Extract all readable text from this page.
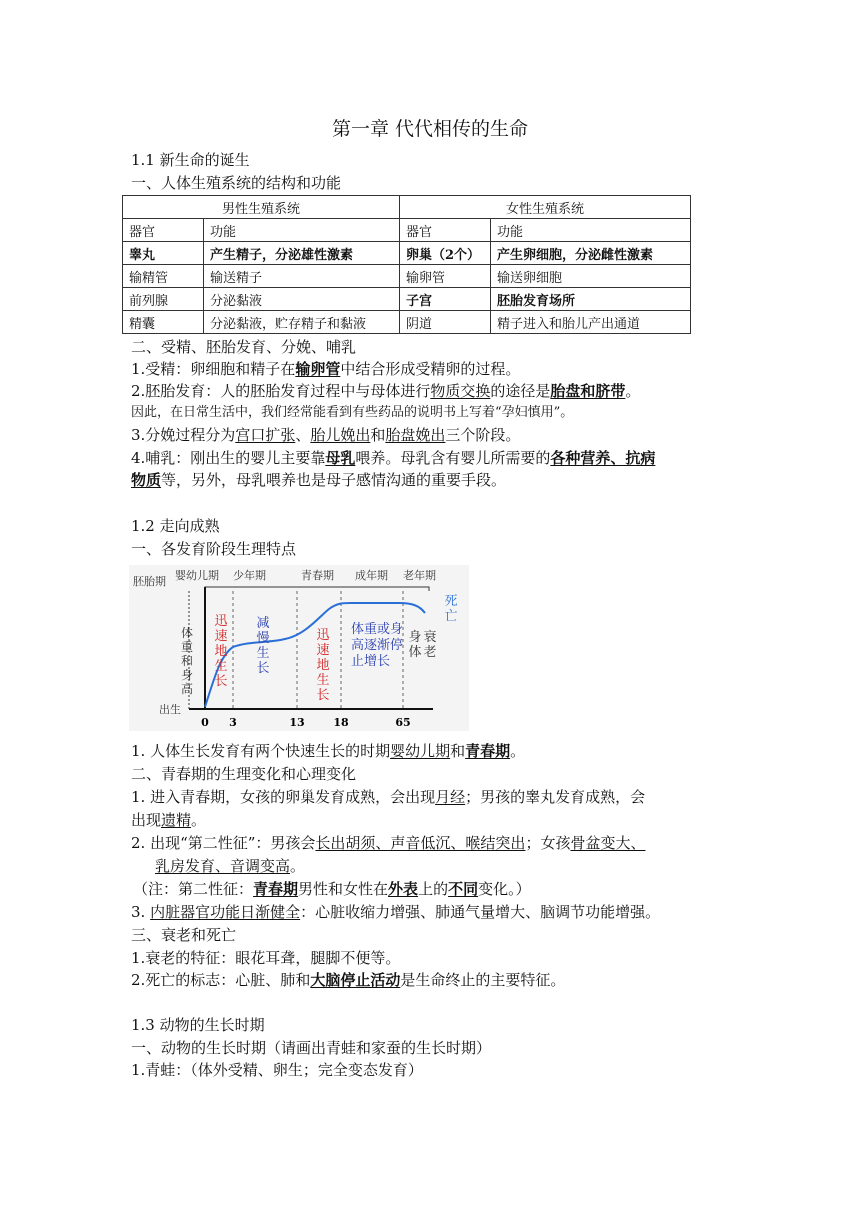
第一章 代代相传的生命
1.1 新生命的诞生
一、人体生殖系统的结构和功能
男性生殖系统		女性生殖系统	
器官	功能	器官	功能
睾丸	产生精子，分泌雄性激素	卵巢（2个）	产生卵细胞，分泌雌性激素
输精管	输送精子	输卵管	输送卵细胞
前列腺	分泌黏液	子宫	胚胎发育场所
精囊	分泌黏液，贮存精子和黏液	阴道	精子进入和胎儿产出通道
二、受精、胚胎发育、分娩、哺乳
1.受精：卵细胞和精子在输卵管中结合形成受精卵的过程。
2.胚胎发育：人的胚胎发育过程中与母体进行物质交换的途径是胎盘和脐带。
因此，在日常生活中，我们经常能看到有些药品的说明书上写着“孕妇慎用”。
3.分娩过程分为宫口扩张、胎儿娩出和胎盘娩出三个阶段。
4.哺乳：刚出生的婴儿主要靠母乳喂养。母乳含有婴儿所需要的各种营养、抗病
物质等，另外，母乳喂养也是母子感情沟通的重要手段。
1.2 走向成熟
一、各发育阶段生理特点
胚胎期 婴幼儿期 少年期	青春期 成年期 老年期
出生
0 3	13	18	65
体
重
和
身
高
迅
速
地
生
长
减
慢
生
长
迅
速
地
生
长
体重或身
高逐渐停
止增长
身
体
衰
老
死
亡
1. 人体生长发育有两个快速生长的时期婴幼儿期和青春期。
二、青春期的生理变化和心理变化
1. 进入青春期，女孩的卵巢发育成熟，会出现月经；男孩的睾丸发育成熟，会
出现遗精。
2. 出现“第二性征”：男孩会长出胡须、声音低沉、喉结突出；女孩骨盆变大、
乳房发育、音调变高。
（注：第二性征：青春期男性和女性在外表上的不同变化。）
3. 内脏器官功能日渐健全：心脏收缩力增强、肺通气量增大、脑调节功能增强。
三、衰老和死亡
1.衰老的特征：眼花耳聋，腿脚不便等。
2.死亡的标志：心脏、肺和大脑停止活动是生命终止的主要特征。
1.3 动物的生长时期
一、动物的生长时期（请画出青蛙和家蚕的生长时期）
1.青蛙：（体外受精、卵生；完全变态发育）
